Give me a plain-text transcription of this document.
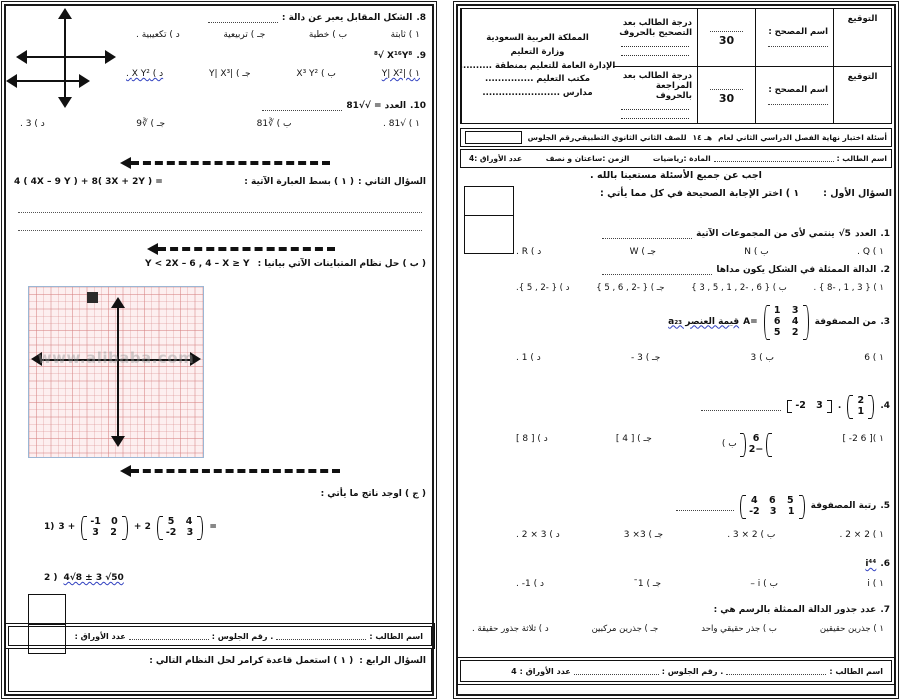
التوقيع
اسم المصحح :
30
درجة الطالب بعد التصحيح بالحروف
التوقيع
اسم المصحح :
30
درجة الطالب بعد المراجعة بالحروف
المملكة العربية السعودية
وزارة التعليم
الإدارة العامة للتعليم بمنطقة ..........
مكتب التعليم ...............
مدارس ........................
أسئلة اختبار نهاية الفصل الدراسي الثاني لعام
هـ ١٤
للصف الثاني الثانوي التطبيقي
رقم الجلوس
اسم الطالب :
المادة :
رياضيات
الزمن :
ساعتان و نصف
عدد الأوراق :
4
اجب عن جميع الأسئلة مستعينا بالله .
السؤال الأول :
١ ) اختر الإجابة الصحيحة في كل مما يأتي :
1.
العدد
√5
ينتمي لأى من المجموعات الآتية
١ ) Q .
ب ) N
جـ ) W
د ) R .
2.
الدالة الممثلة في الشكل يكون مداها
١ ) { 3 , 1 , -8 } .
ب ) { 6 , -2 , 1 , 5 , 3 }
جـ ) { -2 , 6 , 5 }
د ) { -2 , 5 }.
3.
من المصفوفة
1 3
6 4
5 2
A=
قيمة العنصر a₂₃
١ ) 6
ب ) 3
جـ ) 3 -
د ) 1 .
4.
2
1
.
-2 3
١ )[ 6 2- ]
6
−2
ب )
جـ ) [ 4 ]
د ) [ 8 ]
5.
رتبة المصفوفة
4 6 5
-2 3 1
١ ) 2 × 2 .
ب ) 2 × 3 .
جـ ) 3× 3
د ) 3 × 2 .
6.
i⁴⁴
١ ) i
ب ) i –
جـ ) 1ˉ
د ) 1- .
7.
عدد جذور الدالة الممثلة بالرسم هي :
١ ) جذرين حقيقين
ب ) جذر حقيقي واحد
جـ ) جذرين مركبين
د ) ثلاثة جذور حقيقة .
اسم الطالب :
. رقم الجلوس :
عدد الأوراق :
4
8.
الشكل المقابل يعبر عن دالة :
١ ) ثابتة
ب ) خطية
جـ ) تربيعية
د ) تكعيبية .
9.
⁸√ X¹⁶Y⁸
١ ) |Y| X²
ب ) X³ Y²
جـ ) |Y| X³
د ) X Y² .
10.
العدد = √√81
١ ) √81 .
ب ) ∛81
جـ ) ∛9
د ) 3 .
السؤال الثاني :
( ١ ) بسط العبارة الآتية :
4 ( 4X – 9 Y ) + 8( 3X + 2Y ) =
( ب ) حل نظام المتباينات الآتي بيانيا :
Y < 2X – 6 , 4 – X ≥ Y
www.alibaba.com
( ج ) اوجد ناتج ما يأتي :
1) 3 +
-1 0
3 2 + 2
5 4
-2 3 =
2 ) 4√8 ± 3 √50
اسم الطالب :
. رقم الجلوس :
عدد الأوراق :
السؤال الرابع :
( ١ ) استعمل قاعدة كرامر لحل النظام التالي :
